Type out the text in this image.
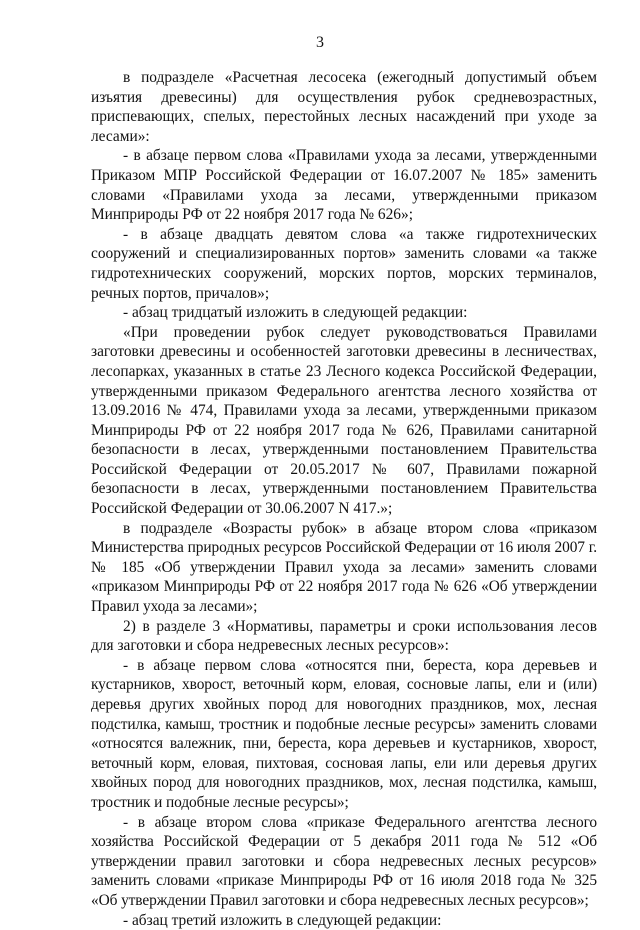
3

в подразделе «Расчетная лесосека (ежегодный допустимый объем изъятия древесины) для осуществления рубок средневозрастных, приспевающих, спелых, перестойных лесных насаждений при уходе за лесами»:

- в абзаце первом слова «Правилами ухода за лесами, утвержденными Приказом МПР Российской Федерации от 16.07.2007 № 185» заменить словами «Правилами ухода за лесами, утвержденными приказом Минприроды РФ от 22 ноября 2017 года № 626»;

- в абзаце двадцать девятом слова «а также гидротехнических сооружений и специализированных портов» заменить словами «а также гидротехнических сооружений, морских портов, морских терминалов, речных портов, причалов»;

- абзац тридцатый изложить в следующей редакции:

«При проведении рубок следует руководствоваться Правилами заготовки древесины и особенностей заготовки древесины в лесничествах, лесопарках, указанных в статье 23 Лесного кодекса Российской Федерации, утвержденными приказом Федерального агентства лесного хозяйства от 13.09.2016 № 474, Правилами ухода за лесами, утвержденными приказом Минприроды РФ от 22 ноября 2017 года № 626, Правилами санитарной безопасности в лесах, утвержденными постановлением Правительства Российской Федерации от 20.05.2017 № 607, Правилами пожарной безопасности в лесах, утвержденными постановлением Правительства Российской Федерации от 30.06.2007 N 417.»;

в подразделе «Возрасты рубок» в абзаце втором слова «приказом Министерства природных ресурсов Российской Федерации от 16 июля 2007 г. № 185 «Об утверждении Правил ухода за лесами» заменить словами «приказом Минприроды РФ от 22 ноября 2017 года № 626 «Об утверждении Правил ухода за лесами»;

2) в разделе 3 «Нормативы, параметры и сроки использования лесов для заготовки и сбора недревесных лесных ресурсов»:

- в абзаце первом слова «относятся пни, береста, кора деревьев и кустарников, хворост, веточный корм, еловая, сосновые лапы, ели и (или) деревья других хвойных пород для новогодних праздников, мох, лесная подстилка, камыш, тростник и подобные лесные ресурсы» заменить словами «относятся валежник, пни, береста, кора деревьев и кустарников, хворост, веточный корм, еловая, пихтовая, сосновая лапы, ели или деревья других хвойных пород для новогодних праздников, мох, лесная подстилка, камыш, тростник и подобные лесные ресурсы»;

- в абзаце втором слова «приказе Федерального агентства лесного хозяйства Российской Федерации от 5 декабря 2011 года № 512 «Об утверждении правил заготовки и сбора недревесных лесных ресурсов» заменить словами «приказе Минприроды РФ от 16 июля 2018 года № 325 «Об утверждении Правил заготовки и сбора недревесных лесных ресурсов»;

- абзац третий изложить в следующей редакции:
